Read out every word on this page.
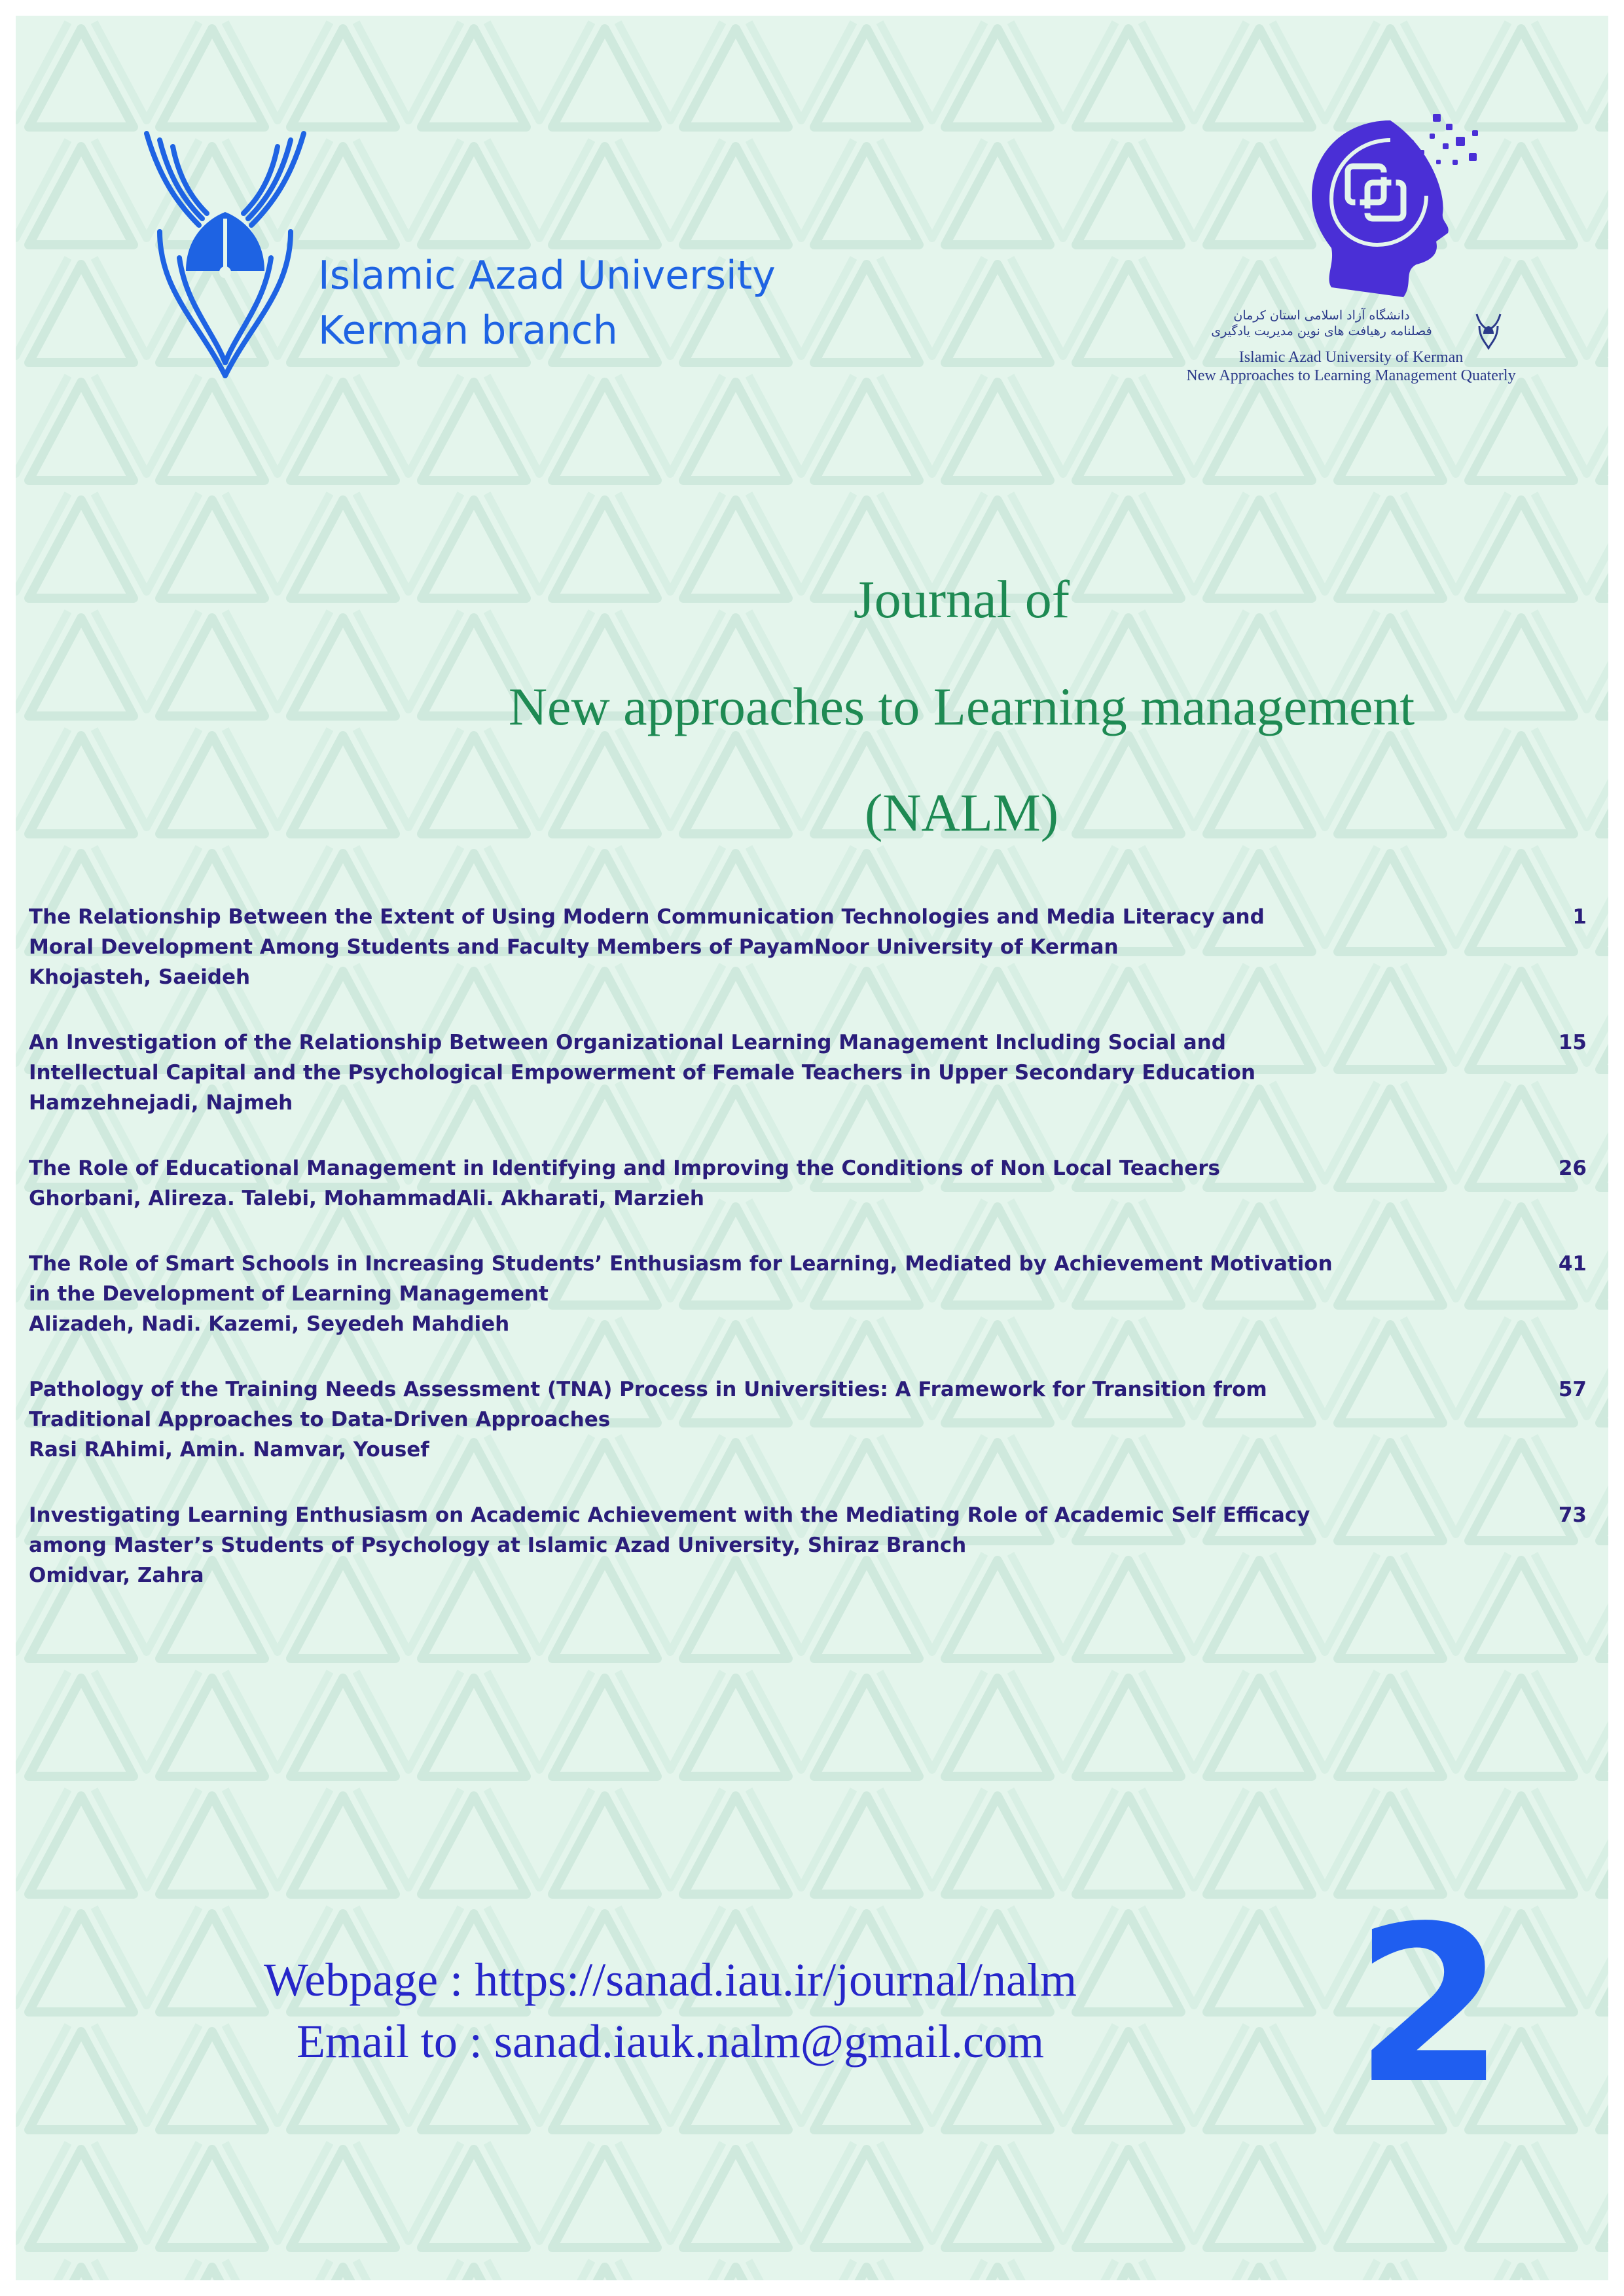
Islamic Azad University
Kerman branch	دانشگاه آزاد اسلامی استان کرمان
فصلنامه رهیافت های نوین مدیریت یادگیری
Islamic Azad University of Kerman
New Approaches to Learning Management Quaterly
Journal of
New approaches to Learning management
(NALM)
The Relationship Between the Extent of Using Modern Communication Technologies and Media Literacy and
Moral Development Among Students and Faculty Members of PayamNoor University of Kerman
Khojasteh, Saeideh
1
An Investigation of the Relationship Between Organizational Learning Management Including Social and
Intellectual Capital and the Psychological Empowerment of Female Teachers in Upper Secondary Education
Hamzehnejadi, Najmeh
15
The Role of Educational Management in Identifying and Improving the Conditions of Non Local Teachers
Ghorbani, Alireza. Talebi, MohammadAli. Akharati, Marzieh
26
The Role of Smart Schools in Increasing Students’ Enthusiasm for Learning, Mediated by Achievement Motivation
in the Development of Learning Management
Alizadeh, Nadi. Kazemi, Seyedeh Mahdieh
41
Pathology of the Training Needs Assessment (TNA) Process in Universities: A Framework for Transition from
Traditional Approaches to Data-Driven Approaches
Rasi RAhimi, Amin. Namvar, Yousef
57
Investigating Learning Enthusiasm on Academic Achievement with the Mediating Role of Academic Self Efficacy
among Master’s Students of Psychology at Islamic Azad University, Shiraz Branch
Omidvar, Zahra
73
Webpage : https://sanad.iau.ir/journal/nalm
Email to : sanad.iauk.nalm@gmail.com 2
